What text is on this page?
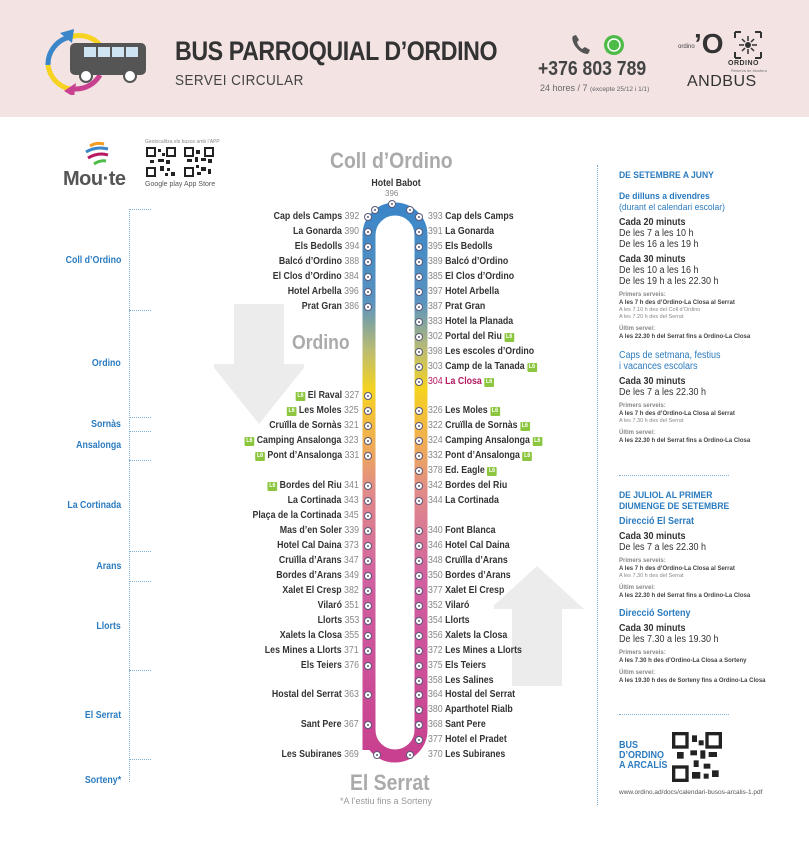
BUS PARROQUIAL D’ORDINO
SERVEI CIRCULAR
+376 803 789
24 hores / 7 (excepte 25/12 i 1/1)
ordino ’O
ORDINO
Reserva de biosfera
ANDBUS
Mou·te
Geolocalitza els busos amb l’APP
Google play App Store
Coll d’Ordino
Ordino
Sornàs
Ansalonga
La Cortinada
Arans
Llorts
El Serrat
Sorteny*
Coll d’Ordino
Ordino
El Serrat
*A l’estiu fins a Sorteny
Hotel Babot
396
Cap dels Camps 392
La Gonarda 390
Els Bedolls 394
Balcó d’Ordino 388
El Clos d’Ordino 384
Hotel Arbella 396
Prat Gran 386
L6 El Raval 327
L6 Les Moles 325
Cruïlla de Sornàs 321
L6 Camping Ansalonga 323
L6 Pont d’Ansalonga 331
L6 Bordes del Riu 341
La Cortinada 343
Plaça de la Cortinada 345
Mas d’en Soler 339
Hotel Cal Daina 373
Cruïlla d’Arans 347
Bordes d’Arans 349
Xalet El Cresp 382
Vilaró 351
Llorts 353
Xalets la Closa 355
Les Mines a Llorts 371
Els Teiers 376
Hostal del Serrat 363
Sant Pere 367
Les Subiranes 369
393 Cap dels Camps
391 La Gonarda
395 Els Bedolls
389 Balcó d’Ordino
385 El Clos d’Ordino
397 Hotel Arbella
387 Prat Gran
383 Hotel la Planada
302 Portal del Riu L6
398 Les escoles d’Ordino
303 Camp de la Tanada L6
304 La Closa L6
326 Les Moles L6
322 Cruïlla de Sornàs L6
324 Camping Ansalonga L6
332 Pont d’Ansalonga L6
378 Ed. Eagle L6
342 Bordes del Riu
344 La Cortinada
340 Font Blanca
346 Hotel Cal Daina
348 Cruïlla d’Arans
350 Bordes d’Arans
377 Xalet El Cresp
352 Vilaró
354 Llorts
356 Xalets la Closa
372 Les Mines a Llorts
375 Els Teiers
358 Les Salines
364 Hostal del Serrat
380 Aparthotel Rialb
368 Sant Pere
377 Hotel el Pradet
370 Les Subiranes
DE SETEMBRE A JUNY
De dilluns a divendres
(durant el calendari escolar)
Cada 20 minuts
De les 7 a les 10 h
De les 16 a les 19 h
Cada 30 minuts
De les 10 a les 16 h
De les 19 h a les 22.30 h
Primers serveis:
A les 7 h des d’Ordino-La Closa al Serrat
A les 7.10 h des del Coll d’Ordino
A les 7.20 h des del Serrat
Últim servei:
A les 22.30 h del Serrat fins a Ordino-La Closa
Caps de setmana, festius
i vacances escolars
Cada 30 minuts
De les 7 a les 22.30 h
Primers serveis:
A les 7 h des d’Ordino-La Closa al Serrat
A les 7.30 h des del Serrat
Últim servei:
A les 22.30 h del Serrat fins a Ordino-La Closa
DE JULIOL AL PRIMER
DIUMENGE DE SETEMBRE
Direcció El Serrat
Cada 30 minuts
De les 7 a les 22.30 h
Primers serveis:
A les 7 h des d’Ordino-La Closa al Serrat
A les 7.30 h des del Serrat
Últim servei:
A les 22.30 h del Serrat fins a Ordino-La Closa
Direcció Sorteny
Cada 30 minuts
De les 7.30 a les 19.30 h
Primers serveis:
A les 7.30 h des d’Ordino-La Closa a Sorteny
Últim servei:
A les 19.30 h des de Sorteny fins a Ordino-La Closa
BUS
D’ORDINO
A ARCALÍS
www.ordino.ad/docs/calendari-busos-arcalis-1.pdf
